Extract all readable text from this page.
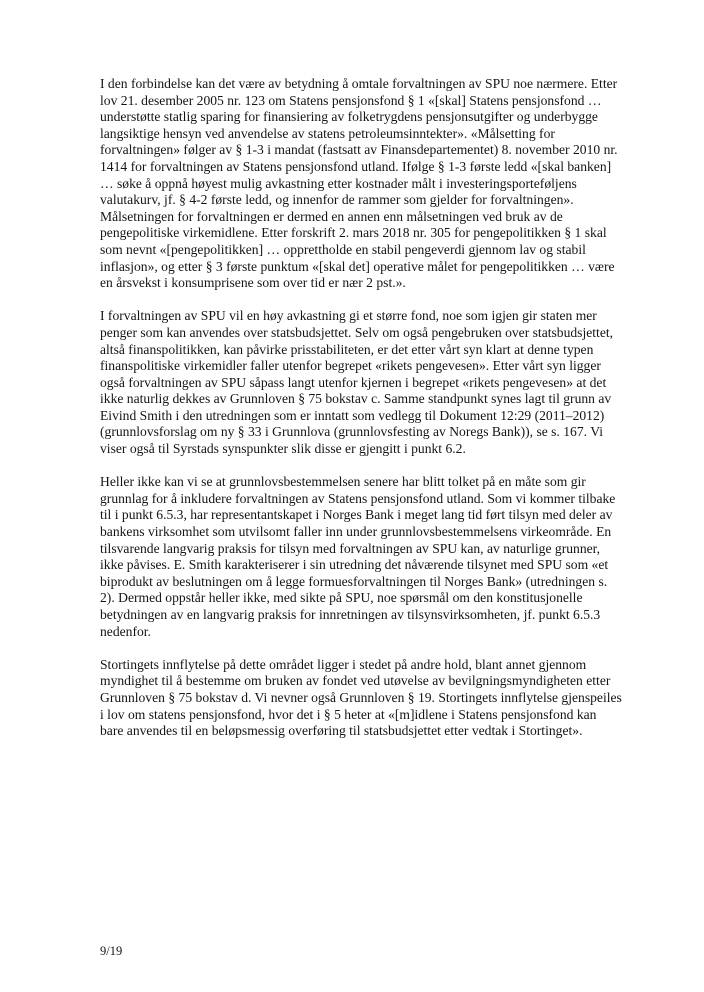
I den forbindelse kan det være av betydning å omtale forvaltningen av SPU noe nærmere. Etter lov 21. desember 2005 nr. 123 om Statens pensjonsfond § 1 «[skal] Statens pensjonsfond … understøtte statlig sparing for finansiering av folketrygdens pensjonsutgifter og underbygge langsiktige hensyn ved anvendelse av statens petroleumsinntekter». «Målsetting for forvaltningen» følger av § 1-3 i mandat (fastsatt av Finansdepartementet) 8. november 2010 nr. 1414 for forvaltningen av Statens pensjonsfond utland. Ifølge § 1-3 første ledd «[skal banken] … søke å oppnå høyest mulig avkastning etter kostnader målt i investeringsporteføljens valutakurv, jf. § 4-2 første ledd, og innenfor de rammer som gjelder for forvaltningen». Målsetningen for forvaltningen er dermed en annen enn målsetningen ved bruk av de pengepolitiske virkemidlene. Etter forskrift 2. mars 2018 nr. 305 for pengepolitikken § 1 skal som nevnt «[pengepolitikken] … opprettholde en stabil pengeverdi gjennom lav og stabil inflasjon», og etter § 3 første punktum «[skal det] operative målet for pengepolitikken … være en årsvekst i konsumprisene som over tid er nær 2 pst.».

I forvaltningen av SPU vil en høy avkastning gi et større fond, noe som igjen gir staten mer penger som kan anvendes over statsbudsjettet. Selv om også pengebruken over statsbudsjettet, altså finanspolitikken, kan påvirke prisstabiliteten, er det etter vårt syn klart at denne typen finanspolitiske virkemidler faller utenfor begrepet «rikets pengevesen». Etter vårt syn ligger også forvaltningen av SPU såpass langt utenfor kjernen i begrepet «rikets pengevesen» at det ikke naturlig dekkes av Grunnloven § 75 bokstav c. Samme standpunkt synes lagt til grunn av Eivind Smith i den utredningen som er inntatt som vedlegg til Dokument 12:29 (2011–2012) (grunnlovsforslag om ny § 33 i Grunnlova (grunnlovsfesting av Noregs Bank)), se s. 167. Vi viser også til Syrstads synspunkter slik disse er gjengitt i punkt 6.2.

Heller ikke kan vi se at grunnlovsbestemmelsen senere har blitt tolket på en måte som gir grunnlag for å inkludere forvaltningen av Statens pensjonsfond utland. Som vi kommer tilbake til i punkt 6.5.3, har representantskapet i Norges Bank i meget lang tid ført tilsyn med deler av bankens virksomhet som utvilsomt faller inn under grunnlovsbestemmelsens virkeområde. En tilsvarende langvarig praksis for tilsyn med forvaltningen av SPU kan, av naturlige grunner, ikke påvises. E. Smith karakteriserer i sin utredning det nåværende tilsynet med SPU som «et biprodukt av beslutningen om å legge formuesforvaltningen til Norges Bank» (utredningen s. 2). Dermed oppstår heller ikke, med sikte på SPU, noe spørsmål om den konstitusjonelle betydningen av en langvarig praksis for innretningen av tilsynsvirksomheten, jf. punkt 6.5.3 nedenfor.

Stortingets innflytelse på dette området ligger i stedet på andre hold, blant annet gjennom myndighet til å bestemme om bruken av fondet ved utøvelse av bevilgningsmyndigheten etter Grunnloven § 75 bokstav d. Vi nevner også Grunnloven § 19. Stortingets innflytelse gjenspeiles i lov om statens pensjonsfond, hvor det i § 5 heter at «[m]idlene i Statens pensjonsfond kan bare anvendes til en beløpsmessig overføring til statsbudsjettet etter vedtak i Stortinget».

9/19
